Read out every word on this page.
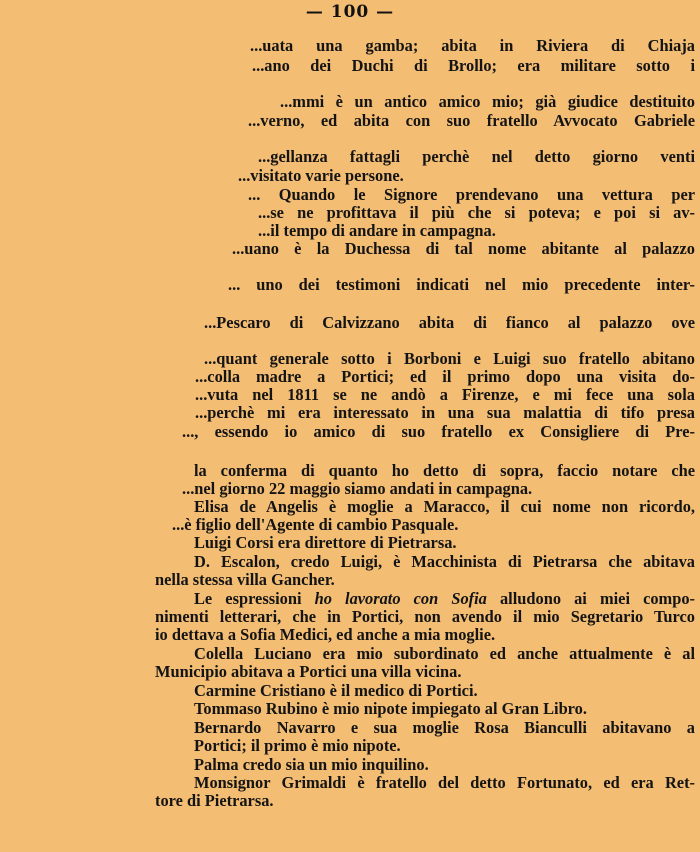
— 100 —
...uata una gamba; abita in Riviera di Chiaja
...ano dei Duchi di Brollo; era militare sotto i
...mmi è un antico amico mio; già giudice destituito
...verno, ed abita con suo fratello Avvocato Gabriele
...gellanza fattagli perchè nel detto giorno venti
...visitato varie persone.
... Quando le Signore prendevano una vettura per
...se ne profittava il più che si poteva; e poi si av-
...il tempo di andare in campagna.
...uano è la Duchessa di tal nome abitante al palazzo
... uno dei testimoni indicati nel mio precedente inter-
...Pescaro di Calvizzano abita di fianco al palazzo ove
...quant generale sotto i Borboni e Luigi suo fratello abitano
...colla madre a Portici; ed il primo dopo una visita do-
...vuta nel 1811 se ne andò a Firenze, e mi fece una sola
...perchè mi era interessato in una sua malattia di tifo presa
..., essendo io amico di suo fratello ex Consigliere di Pre-
la conferma di quanto ho detto di sopra, faccio notare che
...nel giorno 22 maggio siamo andati in campagna.
Elisa de Angelis è moglie a Maracco, il cui nome non ricordo,
...è figlio dell'Agente di cambio Pasquale.
Luigi Corsi era direttore di Pietrarsa.
D. Escalon, credo Luigi, è Macchinista di Pietrarsa che abitava
nella stessa villa Gancher.
Le espressioni ho lavorato con Sofia alludono ai miei compo-
nimenti letterari, che in Portici, non avendo il mio Segretario Turco
io dettava a Sofia Medici, ed anche a mia moglie.
Colella Luciano era mio subordinato ed anche attualmente è al
Municipio abitava a Portici una villa vicina.
Carmine Cristiano è il medico di Portici.
Tommaso Rubino è mio nipote impiegato al Gran Libro.
Bernardo Navarro e sua moglie Rosa Bianculli abitavano a
Portici; il primo è mio nipote.
Palma credo sia un mio inquilino.
Monsignor Grimaldi è fratello del detto Fortunato, ed era Ret-
tore di Pietrarsa.
